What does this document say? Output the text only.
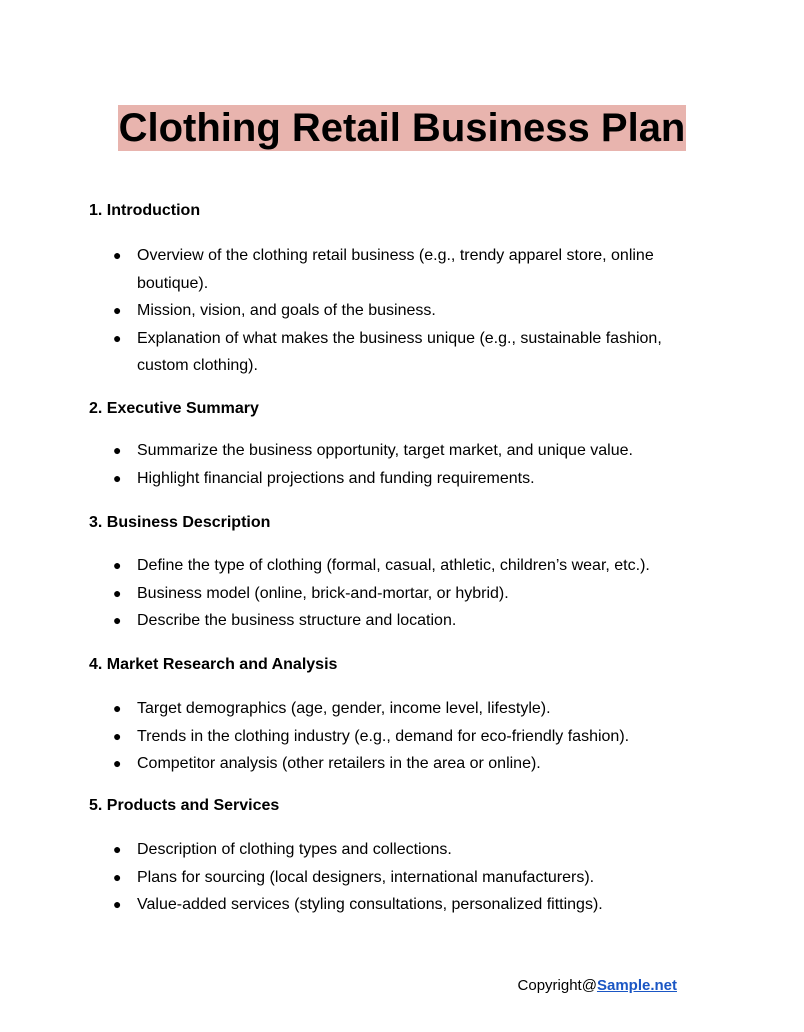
Clothing Retail Business Plan

1. Introduction

● Overview of the clothing retail business (e.g., trendy apparel store, online boutique).
● Mission, vision, and goals of the business.
● Explanation of what makes the business unique (e.g., sustainable fashion, custom clothing).

2. Executive Summary

● Summarize the business opportunity, target market, and unique value.
● Highlight financial projections and funding requirements.

3. Business Description

● Define the type of clothing (formal, casual, athletic, children’s wear, etc.).
● Business model (online, brick-and-mortar, or hybrid).
● Describe the business structure and location.

4. Market Research and Analysis

● Target demographics (age, gender, income level, lifestyle).
● Trends in the clothing industry (e.g., demand for eco-friendly fashion).
● Competitor analysis (other retailers in the area or online).

5. Products and Services

● Description of clothing types and collections.
● Plans for sourcing (local designers, international manufacturers).
● Value-added services (styling consultations, personalized fittings).
Copyright@Sample.net
